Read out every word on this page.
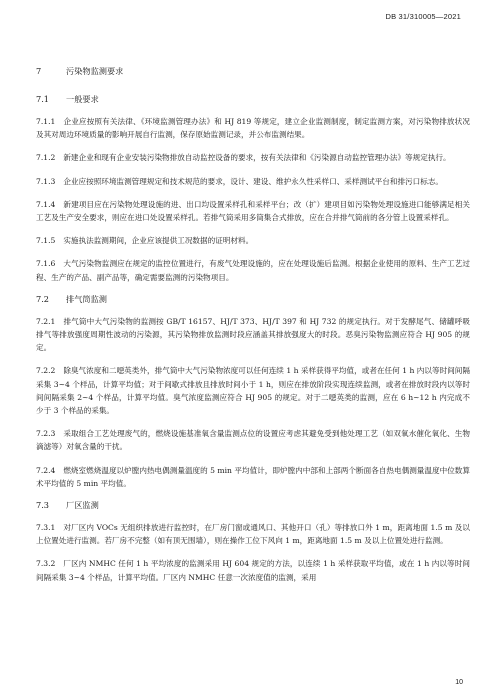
DB 31/310005—2021
7	污染物监测要求
7.1 一般要求
7.1.1 企业应按照有关法律、《环境监测管理办法》和 HJ 819 等规定，建立企业监测制度，制定监测方案，对污染物排放状况及其对周边环境质量的影响开展自行监测，保存原始监测记录，并公布监测结果。
7.1.2 新建企业和现有企业安装污染物排放自动监控设备的要求，按有关法律和《污染源自动监控管理办法》等规定执行。
7.1.3 企业应按照环境监测管理规定和技术规范的要求，设计、建设、维护永久性采样口、采样测试平台和排污口标志。
7.1.4 新建项目应在污染物处理设施的进、出口均设置采样孔和采样平台；改（扩）建项目如污染物处理设施进口能够满足相关工艺及生产安全要求，则应在进口处设置采样孔。若排气筒采用多筒集合式排放，应在合并排气筒前的各分管上设置采样孔。
7.1.5 实施执法监测期间，企业应该提供工况数据的证明材料。
7.1.6 大气污染物监测应在规定的监控位置进行，有废气处理设施的，应在处理设施后监测。根据企业使用的原料、生产工艺过程、生产的产品、副产品等，确定需要监测的污染物项目。
7.2 排气筒监测
7.2.1 排气筒中大气污染物的监测按 GB/T 16157、HJ/T 373、HJ/T 397 和 HJ 732 的规定执行。对于发酵尾气、储罐呼吸排气等排放强度周期性波动的污染源，其污染物排放监测时段应涵盖其排放强度大的时段。恶臭污染物监测应符合 HJ 905 的规定。
7.2.2 除臭气浓度和二噁英类外，排气筒中大气污染物浓度可以任何连续 1 h 采样获得平均值，或者在任何 1 h 内以等时间间隔采集 3~4 个样品，计算平均值；对于间歇式排放且排放时间小于 1 h，则应在排放阶段实现连续监测，或者在排放时段内以等时间间隔采集 2~4 个样品，计算平均值。臭气浓度监测应符合 HJ 905 的规定。对于二噁英类的监测，应在 6 h~12 h 内完成不少于 3 个样品的采集。
7.2.3 采取组合工艺处理废气的，燃烧设施基准氧含量监测点位的设置应考虑其避免受到他处理工艺（如双氧水催化氧化、生物滴滤等）对氧含量的干扰。
7.2.4 燃烧室燃烧温度以炉膛内热电偶测量温度的 5 min 平均值计，即炉膛内中部和上部两个断面各自热电偶测量温度中位数算术平均值的 5 min 平均值。
7.3 厂区监测
7.3.1 对厂区内 VOCs 无组织排放进行监控时，在厂房门窗或通风口、其他开口（孔）等排放口外 1 m，距离地面 1.5 m 及以上位置处进行监测。若厂房不完整（如有顶无围墙），则在操作工位下风向 1 m，距离地面 1.5 m 及以上位置处进行监测。
7.3.2 厂区内 NMHC 任何 1 h 平均浓度的监测采用 HJ 604 规定的方法，以连续 1 h 采样获取平均值，或在 1 h 内以等时间间隔采集 3~4 个样品，计算平均值。厂区内 NMHC 任意一次浓度值的监测，采用
10
